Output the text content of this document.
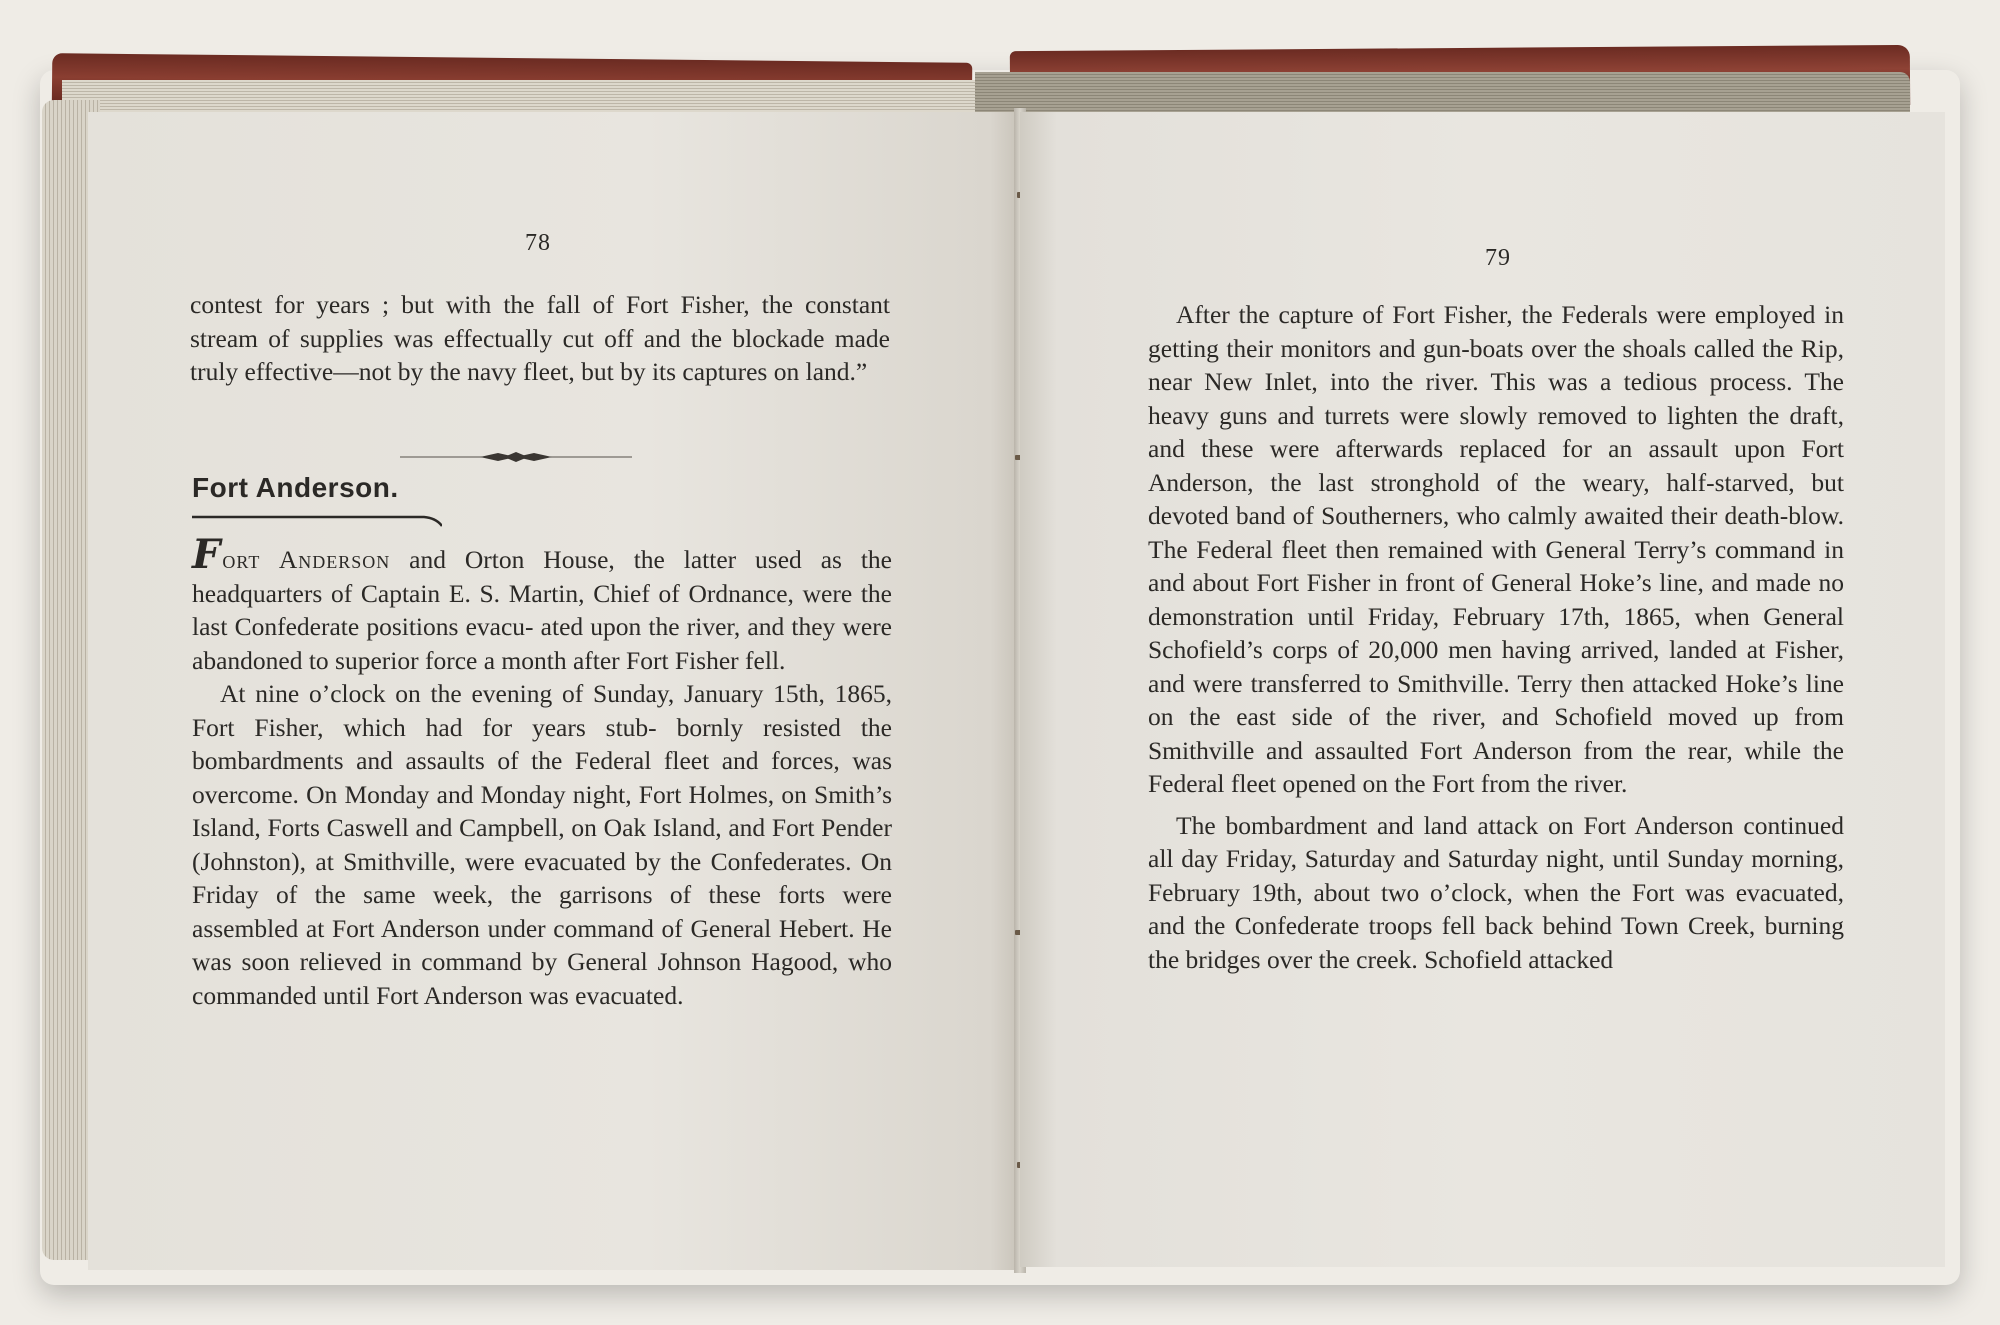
78

contest for years ; but with the fall of Fort Fisher, the constant stream of supplies was effectually cut off and the blockade made truly effective—not by the navy fleet, but by its captures on land.”

Fort Anderson.

Fort Anderson and Orton House, the latter used as the headquarters of Captain E. S. Martin, Chief of Ordnance, were the last Confederate positions evacu- ated upon the river, and they were abandoned to superior force a month after Fort Fisher fell.

At nine o’clock on the evening of Sunday, January 15th, 1865, Fort Fisher, which had for years stub- bornly resisted the bombardments and assaults of the Federal fleet and forces, was overcome. On Monday and Monday night, Fort Holmes, on Smith’s Island, Forts Caswell and Campbell, on Oak Island, and Fort Pender (Johnston), at Smithville, were evacuated by the Confederates. On Friday of the same week, the garrisons of these forts were assembled at Fort Anderson under command of General Hebert. He was soon relieved in command by General Johnson Hagood, who commanded until Fort Anderson was evacuated.

79

After the capture of Fort Fisher, the Federals were employed in getting their monitors and gun-boats over the shoals called the Rip, near New Inlet, into the river. This was a tedious process. The heavy guns and turrets were slowly removed to lighten the draft, and these were afterwards replaced for an assault upon Fort Anderson, the last stronghold of the weary, half-starved, but devoted band of Southerners, who calmly awaited their death-blow. The Federal fleet then remained with General Terry’s command in and about Fort Fisher in front of General Hoke’s line, and made no demonstration until Friday, February 17th, 1865, when General Schofield’s corps of 20,000 men having arrived, landed at Fisher, and were transferred to Smithville. Terry then attacked Hoke’s line on the east side of the river, and Schofield moved up from Smithville and assaulted Fort Anderson from the rear, while the Federal fleet opened on the Fort from the river.

The bombardment and land attack on Fort Anderson continued all day Friday, Saturday and Saturday night, until Sunday morning, February 19th, about two o’clock, when the Fort was evacuated, and the Confederate troops fell back behind Town Creek, burning the bridges over the creek. Schofield attacked
